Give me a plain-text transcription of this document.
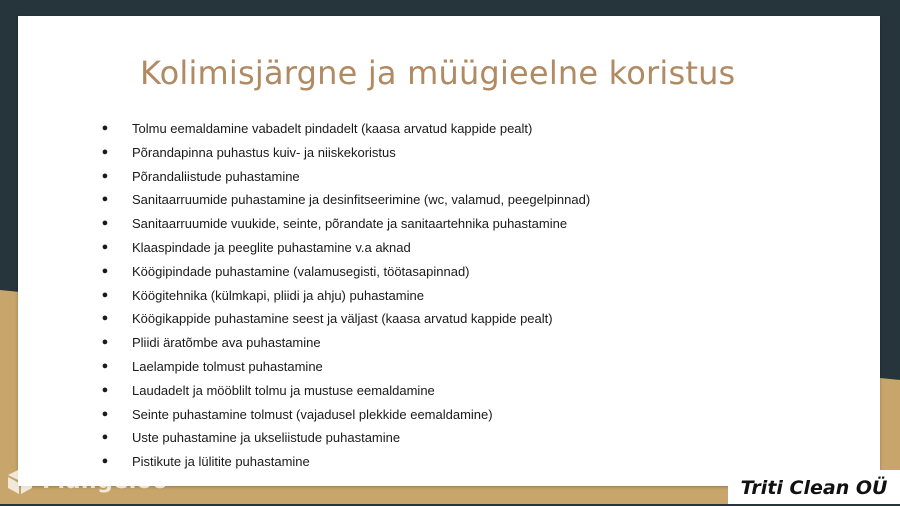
Kolimisjärgne ja müügieelne koristus
● Tolmu eemaldamine vabadelt pindadelt (kaasa arvatud kappide pealt)
● Põrandapinna puhastus kuiv- ja niiskekoristus
● Põrandaliistude puhastamine
● Sanitaarruumide puhastamine ja desinfitseerimine (wc, valamud, peegelpinnad)
● Sanitaarruumide vuukide, seinte, põrandate ja sanitaartehnika puhastamine
● Klaaspindade ja peeglite puhastamine v.a aknad
● Köögipindade puhastamine (valamusegisti, töötasapinnad)
● Köögitehnika (külmkapi, pliidi ja ahju) puhastamine
● Köögikappide puhastamine seest ja väljast (kaasa arvatud kappide pealt)
● Pliidi äratõmbe ava puhastamine
● Laelampide tolmust puhastamine
● Laudadelt ja mööblilt tolmu ja mustuse eemaldamine
● Seinte puhastamine tolmust (vajadusel plekkide eemaldamine)
● Uste puhastamine ja ukseliistude puhastamine
● Pistikute ja lülitite puhastamine
Flangeloo	Triti Clean OÜ
